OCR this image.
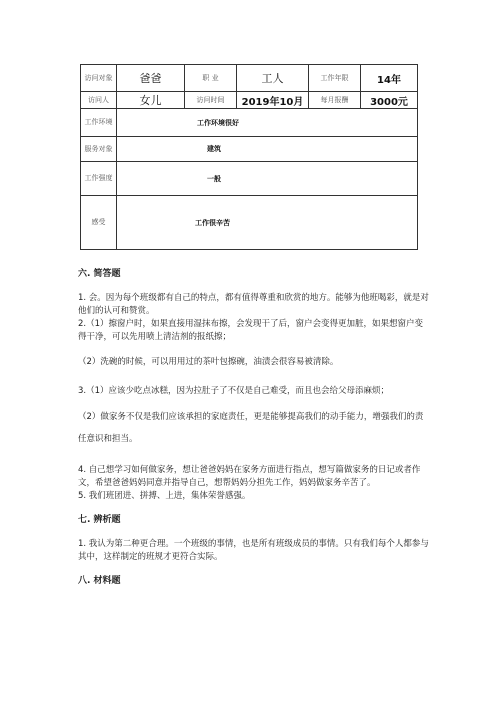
访问对象	爸爸	职 业	工人	工作年限	14年
访问人	女儿	访问时间	2019年10月	每月报酬	3000元
工作环境	工作环境很好				
服务对象	建筑				
工作强度	一般				
感受	工作很辛苦				

六. 简答题

1. 会。因为每个班级都有自己的特点，都有值得尊重和欣赏的地方。能够为他班喝彩，就是对他们的认可和赞赏。

2.（1）擦窗户时，如果直接用湿抹布擦，会发现干了后，窗户会变得更加脏，如果想窗户变得干净，可以先用喷上清洁剂的报纸擦；

（2）洗碗的时候，可以用用过的茶叶包擦碗，油渍会很容易被清除。

3.（1）应该少吃点冰糕，因为拉肚子了不仅是自己难受，而且也会给父母添麻烦；

（2）做家务不仅是我们应该承担的家庭责任，更是能够提高我们的动手能力，增强我们的责任意识和担当。

4. 自己想学习如何做家务，想让爸爸妈妈在家务方面进行指点，想写篇做家务的日记或者作文，希望爸爸妈妈同意并指导自己，想帮妈妈分担先工作，妈妈做家务辛苦了。

5. 我们班团进、拼搏、上进，集体荣誉感强。

七. 辨析题

1. 我认为第二种更合理。一个班级的事情，也是所有班级成员的事情。只有我们每个人都参与其中，这样制定的班规才更符合实际。

八. 材料题
